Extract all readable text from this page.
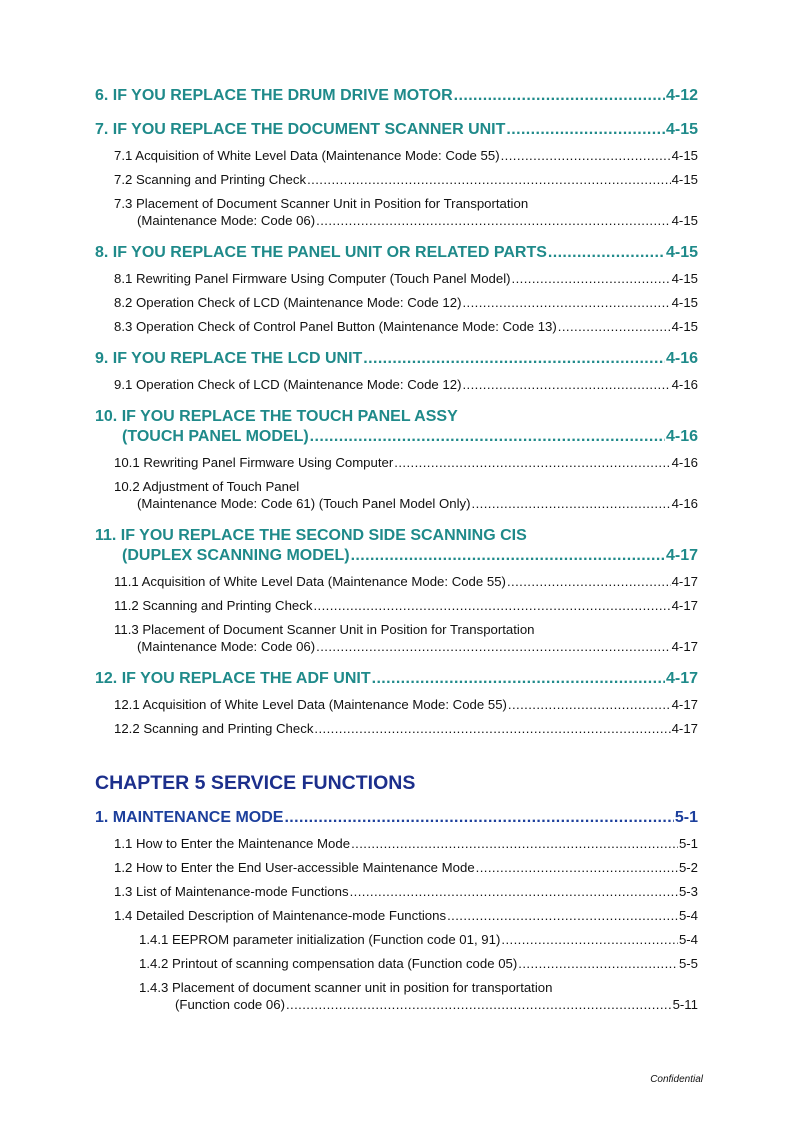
6. IF YOU REPLACE THE DRUM DRIVE MOTOR .....	4-12
7. IF YOU REPLACE THE DOCUMENT SCANNER UNIT .....	4-15
7.1 Acquisition of White Level Data (Maintenance Mode: Code 55) .....	4-15
7.2 Scanning and Printing Check .....	4-15
7.3 Placement of Document Scanner Unit in Position for Transportation
(Maintenance Mode: Code 06) .....	4-15
8. IF YOU REPLACE THE PANEL UNIT OR RELATED PARTS .....	4-15
8.1 Rewriting Panel Firmware Using Computer (Touch Panel Model) .....	4-15
8.2 Operation Check of LCD (Maintenance Mode: Code 12) .....	4-15
8.3 Operation Check of Control Panel Button (Maintenance Mode: Code 13) .....	4-15
9. IF YOU REPLACE THE LCD UNIT .....	4-16
9.1 Operation Check of LCD (Maintenance Mode: Code 12) .....	4-16
10. IF YOU REPLACE THE TOUCH PANEL ASSY
(TOUCH PANEL MODEL) .....	4-16
10.1 Rewriting Panel Firmware Using Computer .....	4-16
10.2 Adjustment of Touch Panel
(Maintenance Mode: Code 61) (Touch Panel Model Only) .....	4-16
11. IF YOU REPLACE THE SECOND SIDE SCANNING CIS
(DUPLEX SCANNING MODEL) .....	4-17
11.1 Acquisition of White Level Data (Maintenance Mode: Code 55) .....	4-17
11.2 Scanning and Printing Check .....	4-17
11.3 Placement of Document Scanner Unit in Position for Transportation
(Maintenance Mode: Code 06) .....	4-17
12. IF YOU REPLACE THE ADF UNIT .....	4-17
12.1 Acquisition of White Level Data (Maintenance Mode: Code 55) .....	4-17
12.2 Scanning and Printing Check .....	4-17
CHAPTER 5 SERVICE FUNCTIONS
1. MAINTENANCE MODE .....	5-1
1.1 How to Enter the Maintenance Mode .....	5-1
1.2 How to Enter the End User-accessible Maintenance Mode .....	5-2
1.3 List of Maintenance-mode Functions .....	5-3
1.4 Detailed Description of Maintenance-mode Functions .....	5-4
1.4.1 EEPROM parameter initialization (Function code 01, 91) .....	5-4
1.4.2 Printout of scanning compensation data (Function code 05) .....	5-5
1.4.3 Placement of document scanner unit in position for transportation
(Function code 06) .....	5-11
Confidential
